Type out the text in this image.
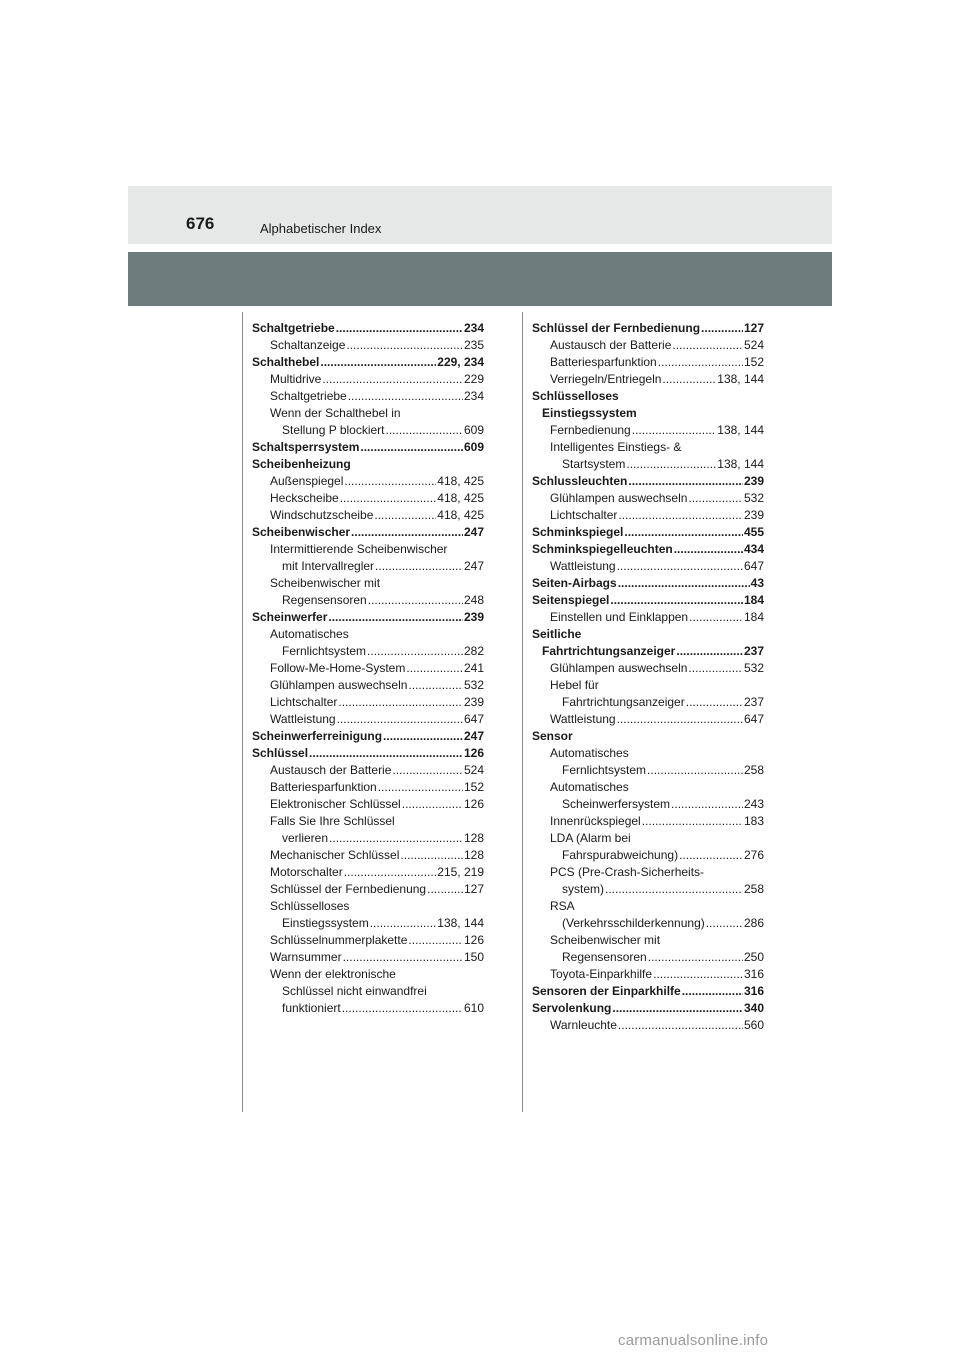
676	Alphabetischer Index
Schaltgetriebe .....	234
Schaltanzeige .....	235
Schalthebel .....	229, 234
Multidrive .....	229
Schaltgetriebe .....	234
Wenn der Schalthebel in
Stellung P blockiert .....	609
Schaltsperrsystem .....	609
Scheibenheizung
Außenspiegel .....	418, 425
Heckscheibe .....	418, 425
Windschutzscheibe .....	418, 425
Scheibenwischer .....	247
Intermittierende Scheibenwischer
mit Intervallregler .....	247
Scheibenwischer mit
Regensensoren .....	248
Scheinwerfer .....	239
Automatisches
Fernlichtsystem .....	282
Follow-Me-Home-System .....	241
Glühlampen auswechseln .....	532
Lichtschalter .....	239
Wattleistung .....	647
Scheinwerferreinigung .....	247
Schlüssel .....	126
Austausch der Batterie .....	524
Batteriesparfunktion .....	152
Elektronischer Schlüssel .....	126
Falls Sie Ihre Schlüssel
verlieren .....	128
Mechanischer Schlüssel .....	128
Motorschalter .....	215, 219
Schlüssel der Fernbedienung .....	127
Schlüsselloses
Einstiegssystem .....	138, 144
Schlüsselnummerplakette .....	126
Warnsummer .....	150
Wenn der elektronische
Schlüssel nicht einwandfrei
funktioniert .....	610
Schlüssel der Fernbedienung .....	127
Austausch der Batterie .....	524
Batteriesparfunktion .....	152
Verriegeln/Entriegeln .....	138, 144
Schlüsselloses
Einstiegssystem
Fernbedienung .....	138, 144
Intelligentes Einstiegs- &
Startsystem .....	138, 144
Schlussleuchten .....	239
Glühlampen auswechseln .....	532
Lichtschalter .....	239
Schminkspiegel .....	455
Schminkspiegelleuchten .....	434
Wattleistung .....	647
Seiten-Airbags .....	43
Seitenspiegel .....	184
Einstellen und Einklappen .....	184
Seitliche
Fahrtrichtungsanzeiger .....	237
Glühlampen auswechseln .....	532
Hebel für
Fahrtrichtungsanzeiger .....	237
Wattleistung .....	647
Sensor
Automatisches
Fernlichtsystem .....	258
Automatisches
Scheinwerfersystem .....	243
Innenrückspiegel .....	183
LDA (Alarm bei
Fahrspurabweichung) .....	276
PCS (Pre-Crash-Sicherheits-
system) .....	258
RSA
(Verkehrsschilderkennung) .....	286
Scheibenwischer mit
Regensensoren .....	250
Toyota-Einparkhilfe .....	316
Sensoren der Einparkhilfe .....	316
Servolenkung .....	340
Warnleuchte .....	560
carmanualsonline.info
